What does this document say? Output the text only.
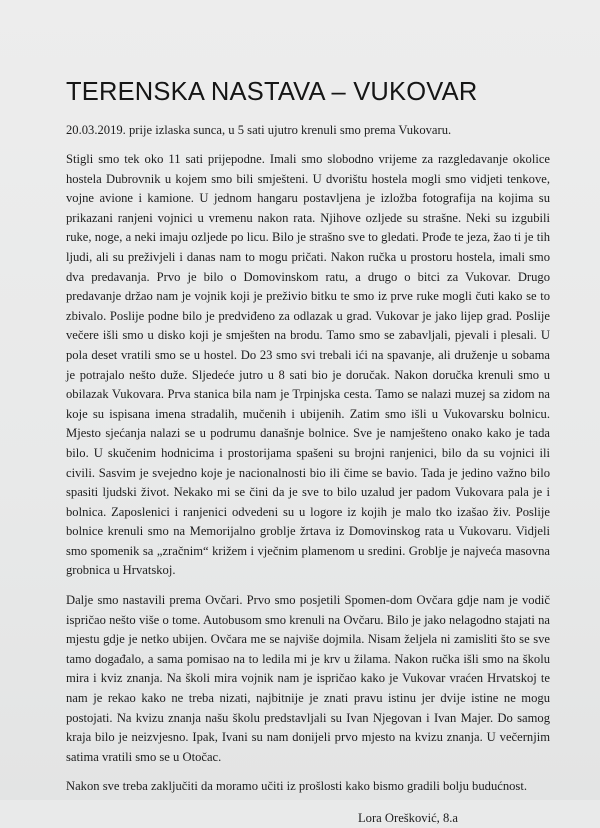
TERENSKA NASTAVA – VUKOVAR

20.03.2019. prije izlaska sunca, u 5 sati ujutro krenuli smo prema Vukovaru.

Stigli smo tek oko 11 sati prijepodne. Imali smo slobodno vrijeme za razgledavanje okolice hostela Dubrovnik u kojem smo bili smješteni. U dvorištu hostela mogli smo vidjeti tenkove, vojne avione i kamione. U jednom hangaru postavljena je izložba fotografija na kojima su prikazani ranjeni vojnici u vremenu nakon rata. Njihove ozljede su strašne. Neki su izgubili ruke, noge, a neki imaju ozljede po licu. Bilo je strašno sve to gledati. Prođe te jeza, žao ti je tih ljudi, ali su preživjeli i danas nam to mogu pričati. Nakon ručka u prostoru hostela, imali smo dva predavanja. Prvo je bilo o Domovinskom ratu, a drugo o bitci za Vukovar. Drugo predavanje držao nam je vojnik koji je preživio bitku te smo iz prve ruke mogli čuti kako se to zbivalo. Poslije podne bilo je predviđeno za odlazak u grad. Vukovar je jako lijep grad. Poslije večere išli smo u disko koji je smješten na brodu. Tamo smo se zabavljali, pjevali i plesali. U pola deset vratili smo se u hostel. Do 23 smo svi trebali ići na spavanje, ali druženje u sobama je potrajalo nešto duže. Sljedeće jutro u 8 sati bio je doručak. Nakon doručka krenuli smo u obilazak Vukovara. Prva stanica bila nam je Trpinjska cesta. Tamo se nalazi muzej sa zidom na koje su ispisana imena stradalih, mučenih i ubijenih. Zatim smo išli u Vukovarsku bolnicu. Mjesto sjećanja nalazi se u podrumu današnje bolnice. Sve je namješteno onako kako je tada bilo. U skučenim hodnicima i prostorijama spašeni su brojni ranjenici, bilo da su vojnici ili civili. Sasvim je svejedno koje je nacionalnosti bio ili čime se bavio. Tada je jedino važno bilo spasiti ljudski život. Nekako mi se čini da je sve to bilo uzalud jer padom Vukovara pala je i bolnica. Zaposlenici i ranjenici odvedeni su u logore iz kojih je malo tko izašao živ. Poslije bolnice krenuli smo na Memorijalno groblje žrtava iz Domovinskog rata u Vukovaru. Vidjeli smo spomenik sa „zračnim“ križem i vječnim plamenom u sredini. Groblje je najveća masovna grobnica u Hrvatskoj.

Dalje smo nastavili prema Ovčari. Prvo smo posjetili Spomen-dom Ovčara gdje nam je vodič ispričao nešto više o tome. Autobusom smo krenuli na Ovčaru. Bilo je jako nelagodno stajati na mjestu gdje je netko ubijen. Ovčara me se najviše dojmila. Nisam željela ni zamisliti što se sve tamo događalo, a sama pomisao na to ledila mi je krv u žilama. Nakon ručka išli smo na školu mira i kviz znanja. Na školi mira vojnik nam je ispričao kako je Vukovar vraćen Hrvatskoj te nam je rekao kako ne treba nizati, najbitnije je znati pravu istinu jer dvije istine ne mogu postojati. Na kvizu znanja našu školu predstavljali su Ivan Njegovan i Ivan Majer. Do samog kraja bilo je neizvjesno. Ipak, Ivani su nam donijeli prvo mjesto na kvizu znanja. U večernjim satima vratili smo se u Otočac.

Nakon sve treba zaključiti da moramo učiti iz prošlosti kako bismo gradili bolju budućnost.

Lora Orešković, 8.a
